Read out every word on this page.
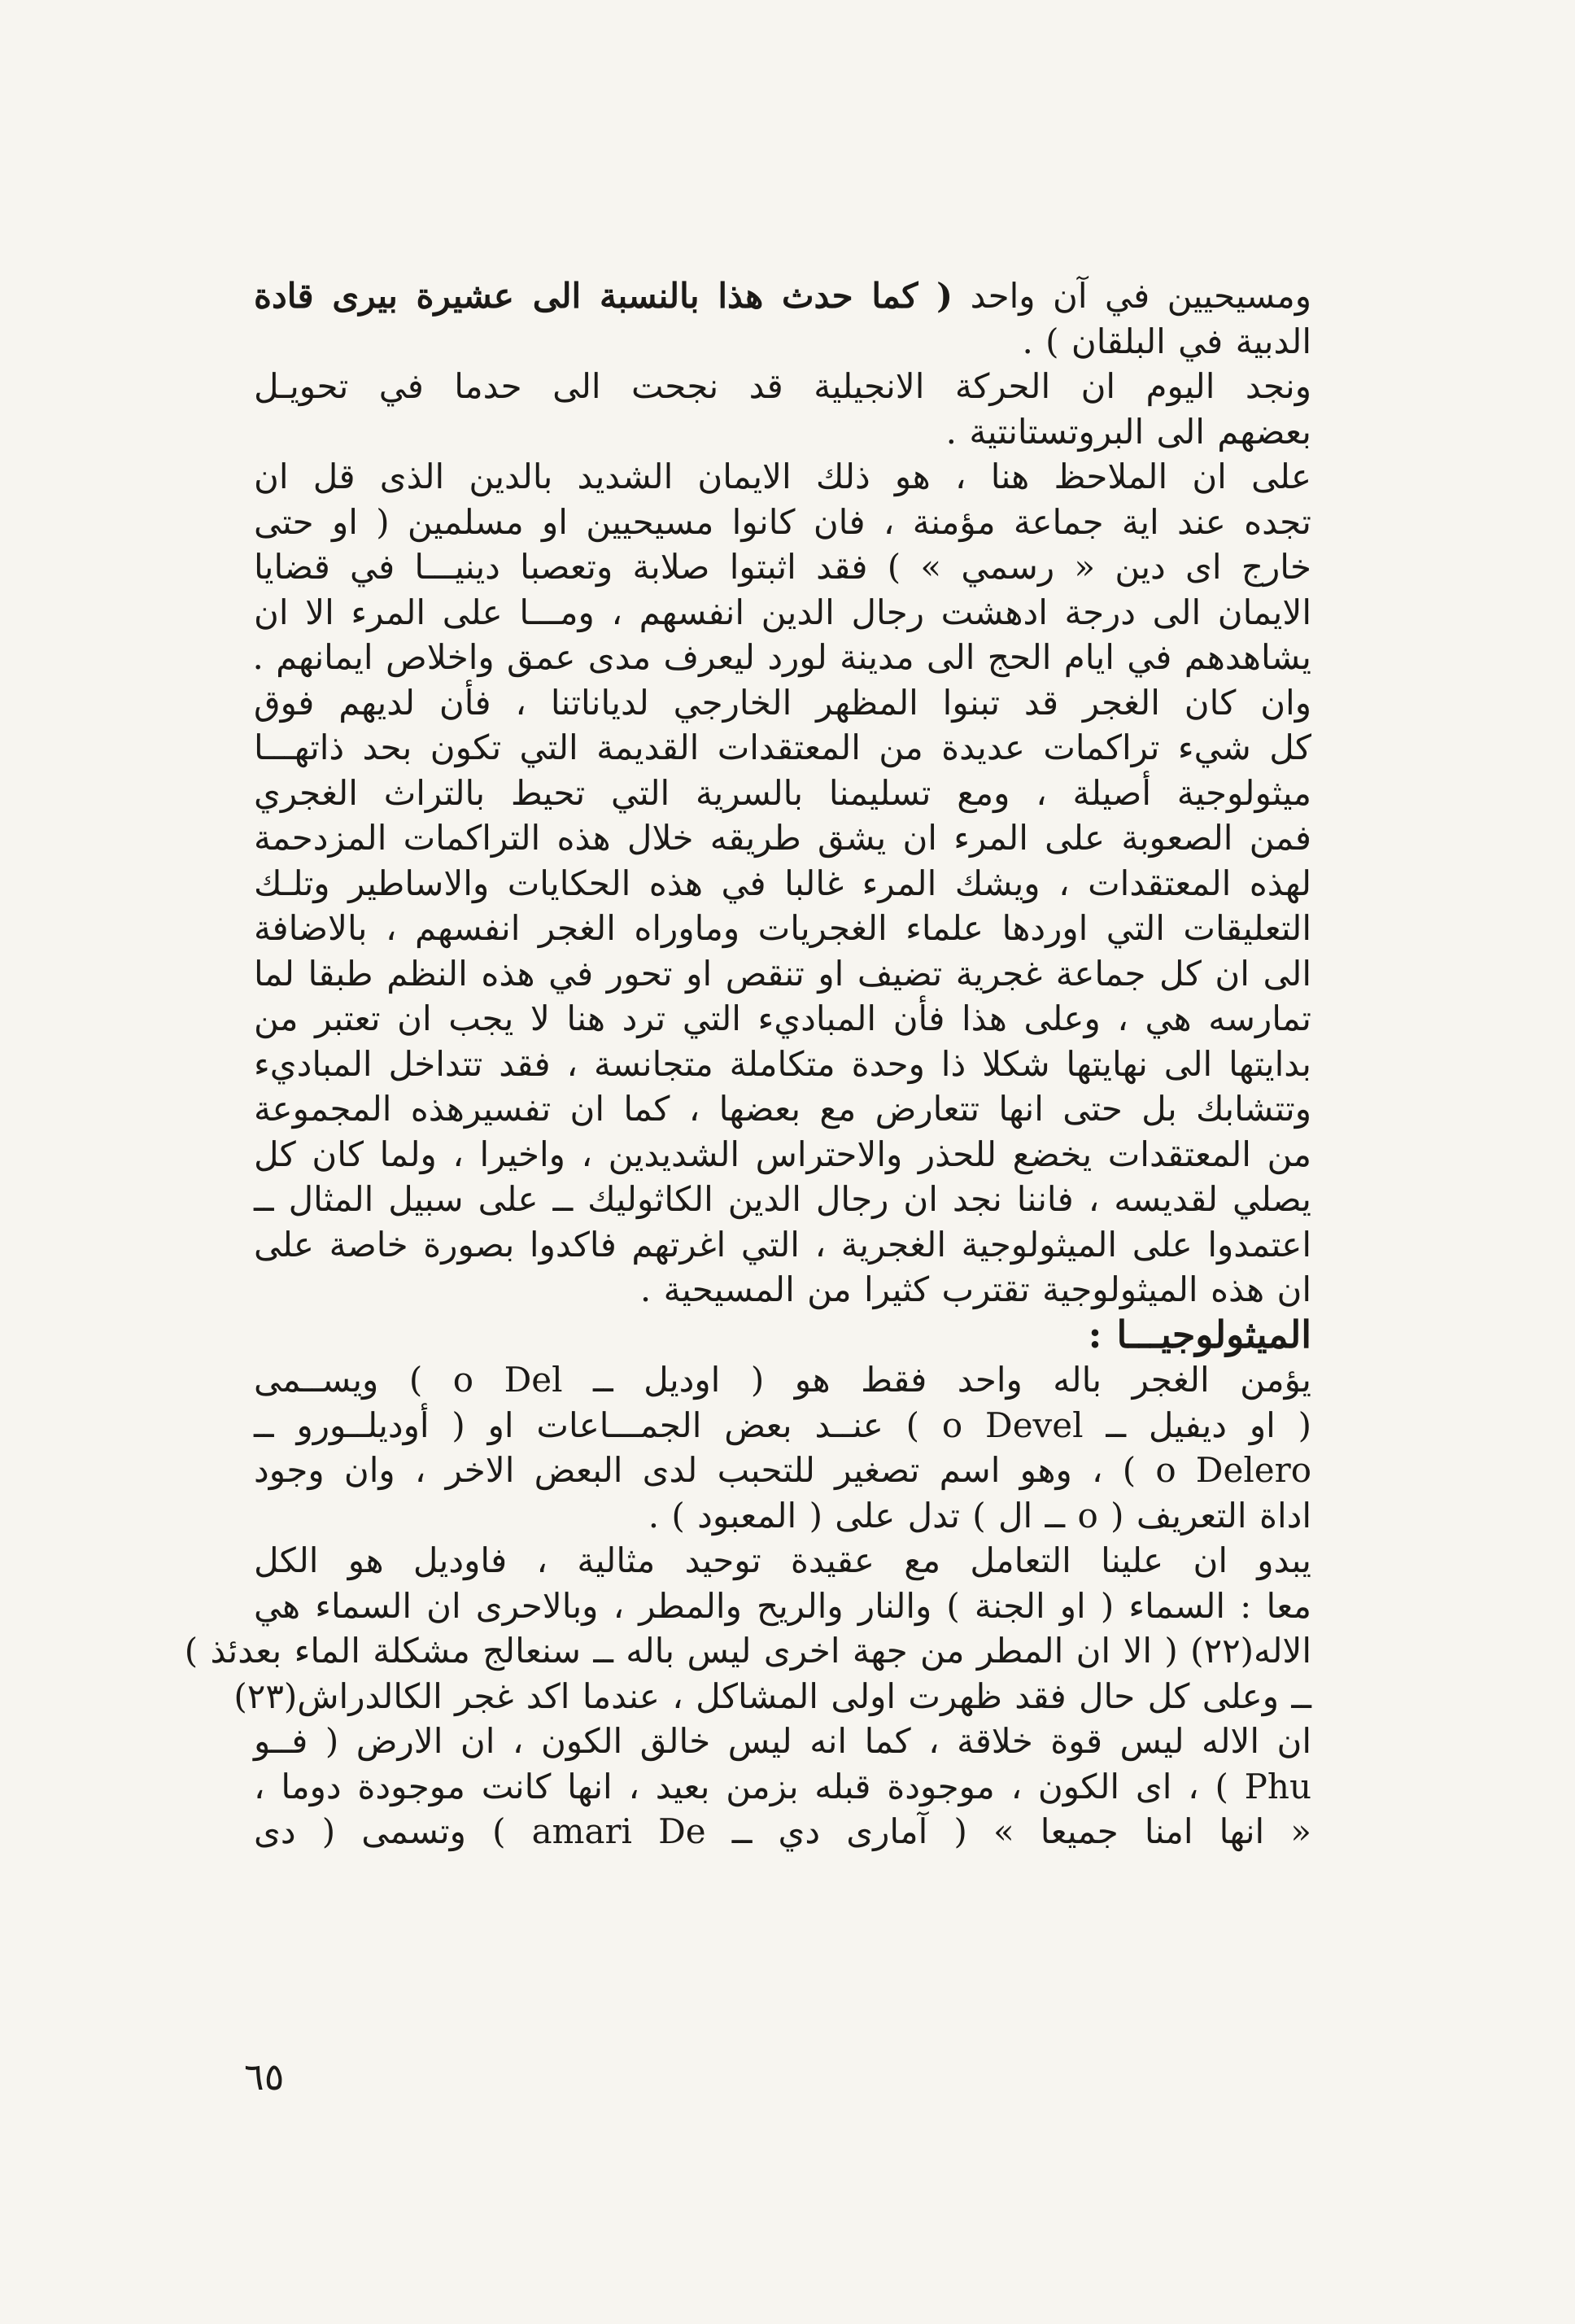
ومسيحيين في آن واحد ( كما حدث هذا بالنسبة الى عشيرة بيرى قادة
الدبية في البلقان ) .
ونجد اليوم ان الحركة الانجيلية قد نجحت الى حدما في تحويـل
بعضهم الى البروتستانتية .
على ان الملاحظ هنا ، هو ذلك الايمان الشديد بالدين الذى قل ان
تجده عند اية جماعة مؤمنة ، فان كانوا مسيحيين او مسلمين ( او حتى
خارج اى دين « رسمي » ) فقد اثبتوا صلابة وتعصبا دينيـــا في قضايا
الايمان الى درجة ادهشت رجال الدين انفسهم ، ومـــا على المرء الا ان
يشاهدهم في ايام الحج الى مدينة لورد ليعرف مدى عمق واخلاص ايمانهم .
وان كان الغجر قد تبنوا المظهر الخارجي لدياناتنا ، فأن لديهم فوق
كل شيء تراكمات عديدة من المعتقدات القديمة التي تكون بحد ذاتهـــا
ميثولوجية أصيلة ، ومع تسليمنا بالسرية التي تحيط بالتراث الغجري
فمن الصعوبة على المرء ان يشق طريقه خلال هذه التراكمات المزدحمة
لهذه المعتقدات ، ويشك المرء غالبا في هذه الحكايات والاساطير وتلـك
التعليقات التي اوردها علماء الغجريات وماوراه الغجر انفسهم ، بالاضافة
الى ان كل جماعة غجرية تضيف او تنقص او تحور في هذه النظم طبقا لما
تمارسه هي ، وعلى هذا فأن المباديء التي ترد هنا لا يجب ان تعتبر من
بدايتها الى نهايتها شكلا ذا وحدة متكاملة متجانسة ، فقد تتداخل المباديء
وتتشابك بل حتى انها تتعارض مع بعضها ، كما ان تفسيرهذه المجموعة
من المعتقدات يخضع للحذر والاحتراس الشديدين ، واخيرا ، ولما كان كل
يصلي لقديسه ، فاننا نجد ان رجال الدين الكاثوليك ــ على سبيل المثال ــ
اعتمدوا على الميثولوجية الغجرية ، التي اغرتهم فاكدوا بصورة خاصة على
ان هذه الميثولوجية تقترب كثيرا من المسيحية .
الميثولوجيـــا :
يؤمن الغجر باله واحد فقط هو ( اوديل ــ o Del ) ويســمى
( او ديفيل ــ o Devel ) عنــد بعض الجمـــاعات او ( أوديلــورو ــ
o Delero ) ، وهو اسم تصغير للتحبب لدى البعض الاخر ، وان وجود
اداة التعريف ( o ــ ال ) تدل على ( المعبود ) .
يبدو ان علينا التعامل مع عقيدة توحيد مثالية ، فاوديل هو الكل
معا : السماء ( او الجنة ) والنار والريح والمطر ، وبالاحرى ان السماء هي
الاله(٢٢) ( الا ان المطر من جهة اخرى ليس باله ــ سنعالج مشكلة الماء بعدئذ )
ــ وعلى كل حال فقد ظهرت اولى المشاكل ، عندما اكد غجر الكالدراش(٢٣)
ان الاله ليس قوة خلاقة ، كما انه ليس خالق الكون ، ان الارض ( فــو
Phu ) ، اى الكون ، موجودة قبله بزمن بعيد ، انها كانت موجودة دوما ،
« انها امنا جميعا » ( آمارى دي ــ amari De ) وتسمى ( دى
٦٥
